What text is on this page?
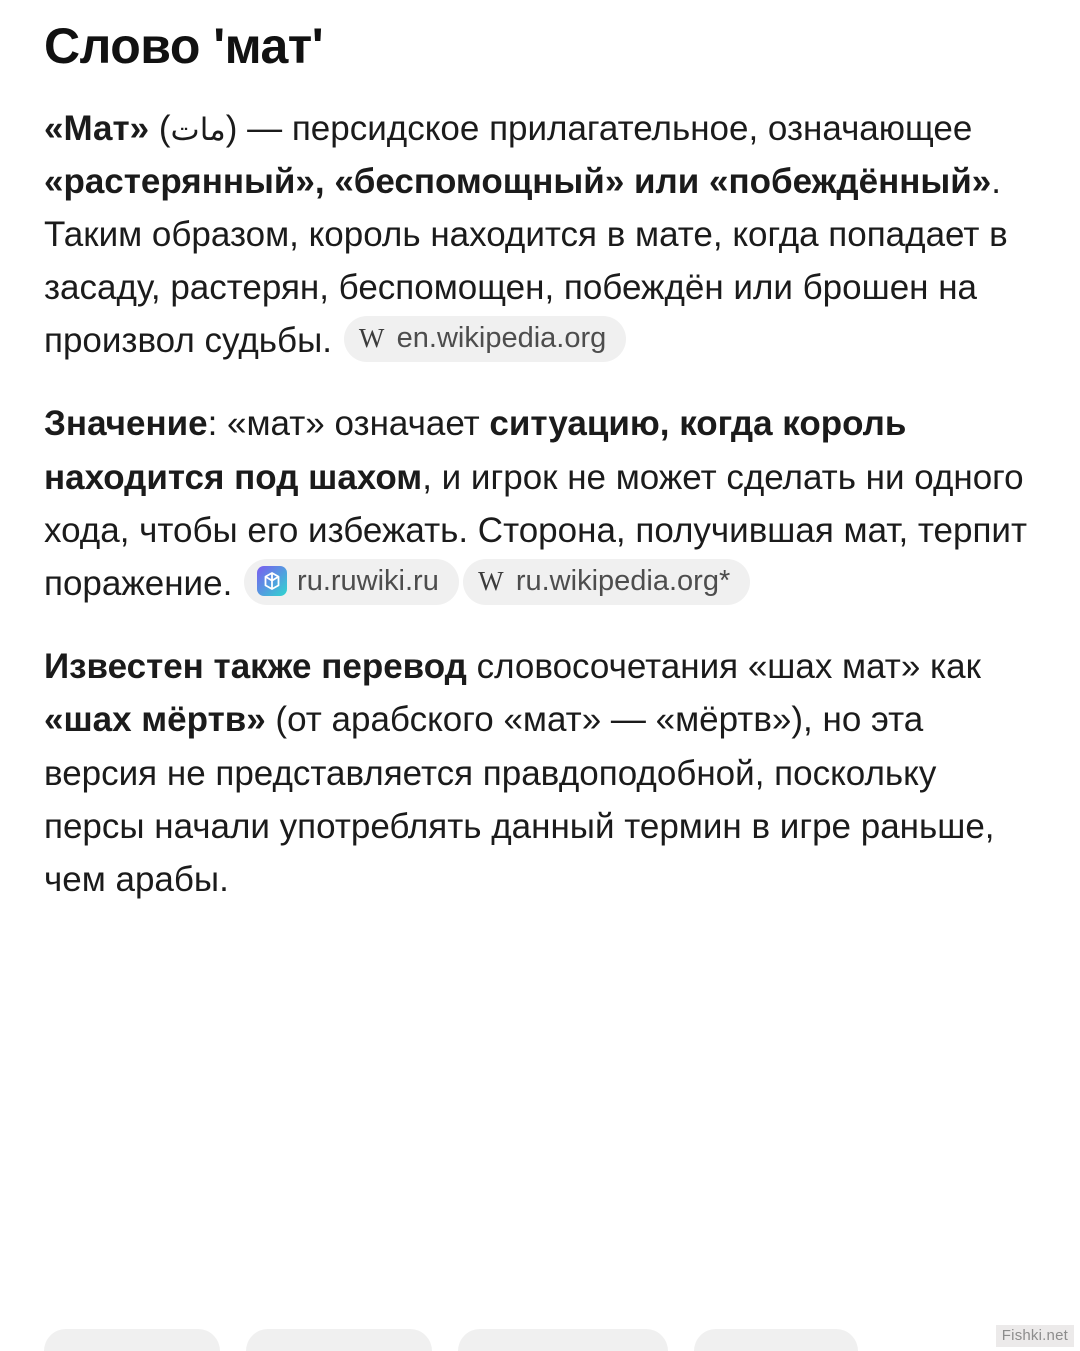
Слово 'мат'

«Мат» (مات) — персидское прилагательное, означающее «растерянный», «беспомощный» или «побеждённый». Таким образом, король находится в мате, когда попадает в засаду, растерян, беспомощен, побеждён или брошен на произвол судьбы. W en.wikipedia.org

Значение: «мат» означает ситуацию, когда король находится под шахом, и игрок не может сделать ни одного хода, чтобы его избежать. Сторона, получившая мат, терпит поражение. ru.ruwiki.ru W ru.wikipedia.org*

Известен также перевод словосочетания «шах мат» как «шах мёртв» (от арабского «мат» — «мёртв»), но эта версия не представляется правдоподобной, поскольку персы начали употреблять данный термин в игре раньше, чем арабы.

Fishki.net
